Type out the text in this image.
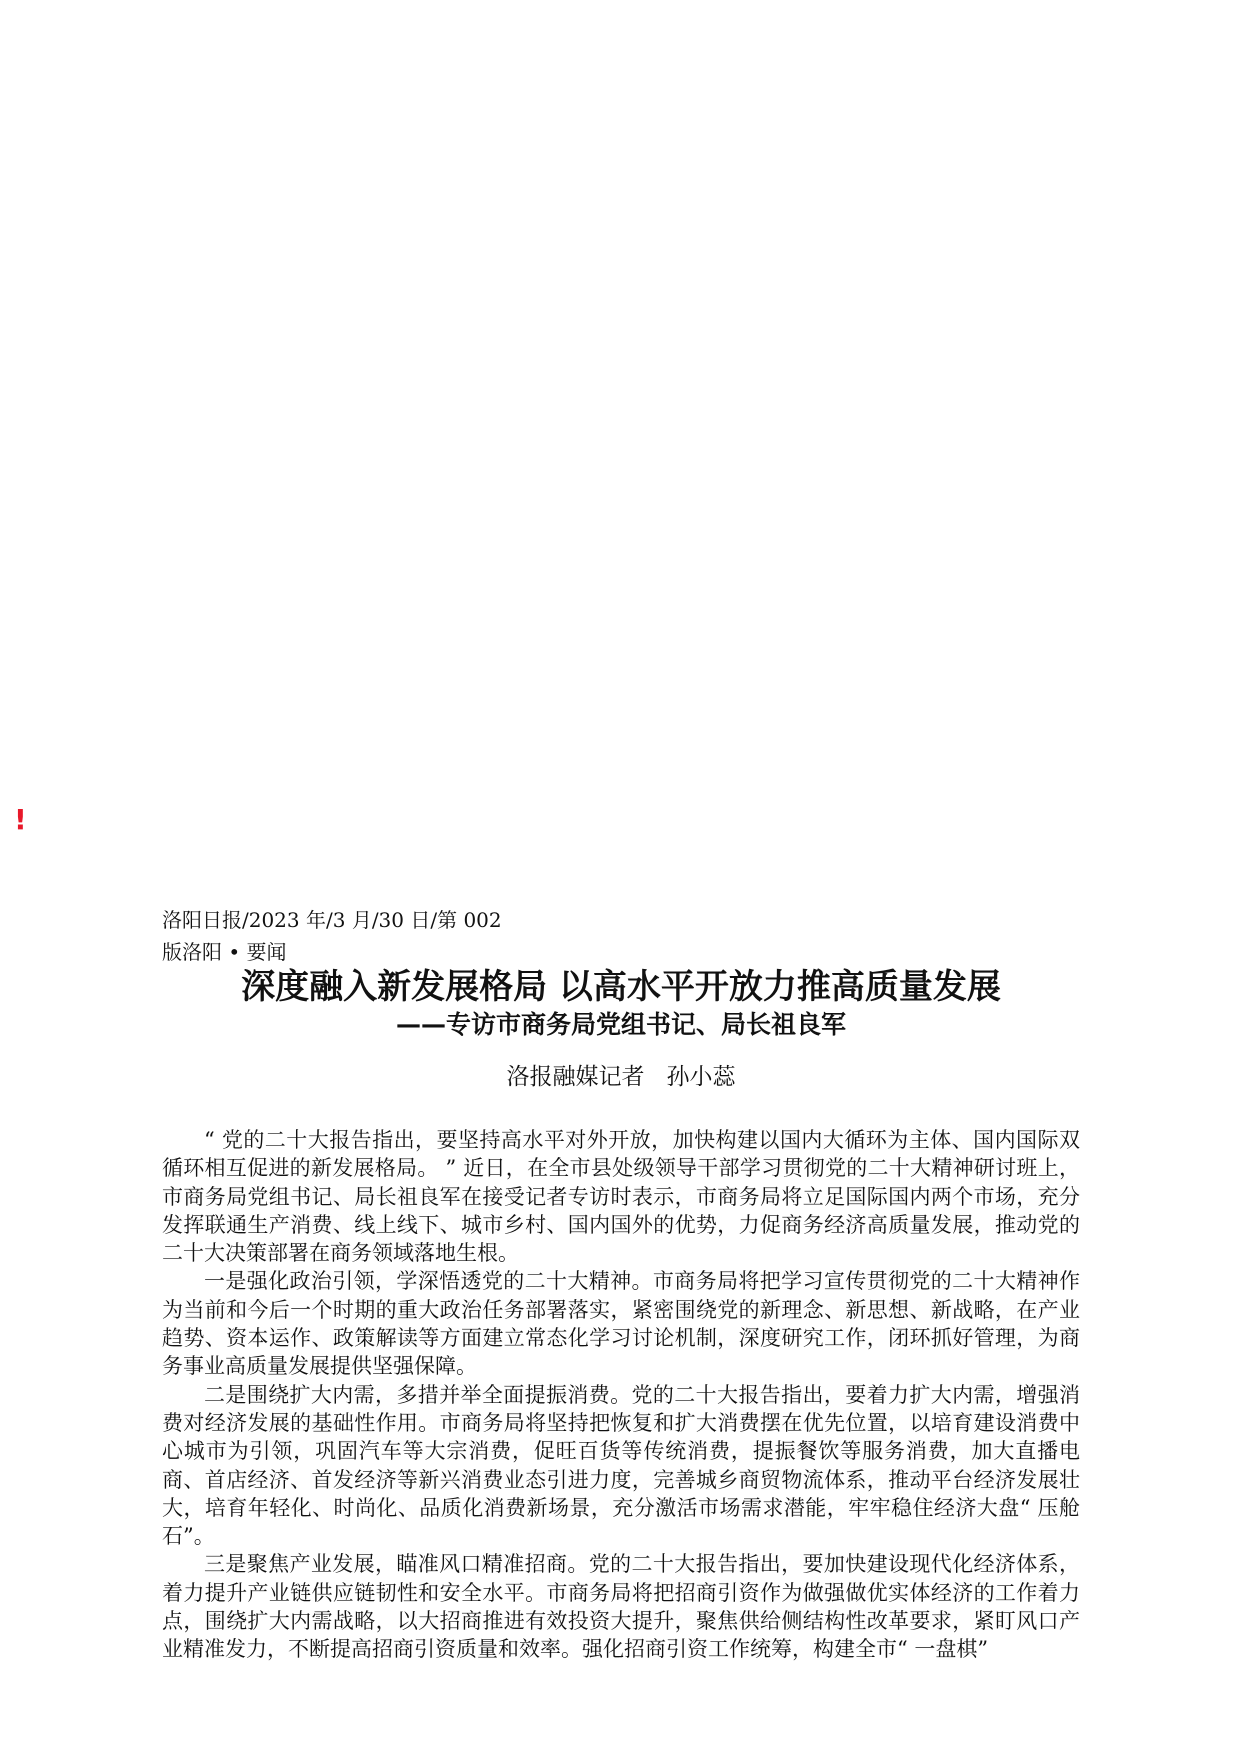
!
洛阳日报/2023 年/3 月/30 日/第 002
版洛阳 • 要闻
深度融入新发展格局 以高水平开放力推高质量发展
——专访市商务局党组书记、局长祖良军
洛报融媒记者   孙小蕊

“ 党的二十大报告指出，要坚持高水平对外开放，加快构建以国内大循环为主体、国内国际双循环相互促进的新发展格局。 ” 近日，在全市县处级领导干部学习贯彻党的二十大精神研讨班上，市商务局党组书记、局长祖良军在接受记者专访时表示，市商务局将立足国际国内两个市场，充分发挥联通生产消费、线上线下、城市乡村、国内国外的优势，力促商务经济高质量发展，推动党的二十大决策部署在商务领域落地生根。

一是强化政治引领，学深悟透党的二十大精神。市商务局将把学习宣传贯彻党的二十大精神作为当前和今后一个时期的重大政治任务部署落实，紧密围绕党的新理念、新思想、新战略，在产业趋势、资本运作、政策解读等方面建立常态化学习讨论机制，深度研究工作，闭环抓好管理，为商务事业高质量发展提供坚强保障。

二是围绕扩大内需，多措并举全面提振消费。党的二十大报告指出，要着力扩大内需，增强消费对经济发展的基础性作用。市商务局将坚持把恢复和扩大消费摆在优先位置，以培育建设消费中心城市为引领，巩固汽车等大宗消费，促旺百货等传统消费，提振餐饮等服务消费，加大直播电商、首店经济、首发经济等新兴消费业态引进力度，完善城乡商贸物流体系，推动平台经济发展壮大，培育年轻化、时尚化、品质化消费新场景，充分激活市场需求潜能，牢牢稳住经济大盘“ 压舱石”。

三是聚焦产业发展，瞄准风口精准招商。党的二十大报告指出，要加快建设现代化经济体系，着力提升产业链供应链韧性和安全水平。市商务局将把招商引资作为做强做优实体经济的工作着力点，围绕扩大内需战略，以大招商推进有效投资大提升，聚焦供给侧结构性改革要求，紧盯风口产业精准发力，不断提高招商引资质量和效率。强化招商引资工作统筹，构建全市“ 一盘棋”
